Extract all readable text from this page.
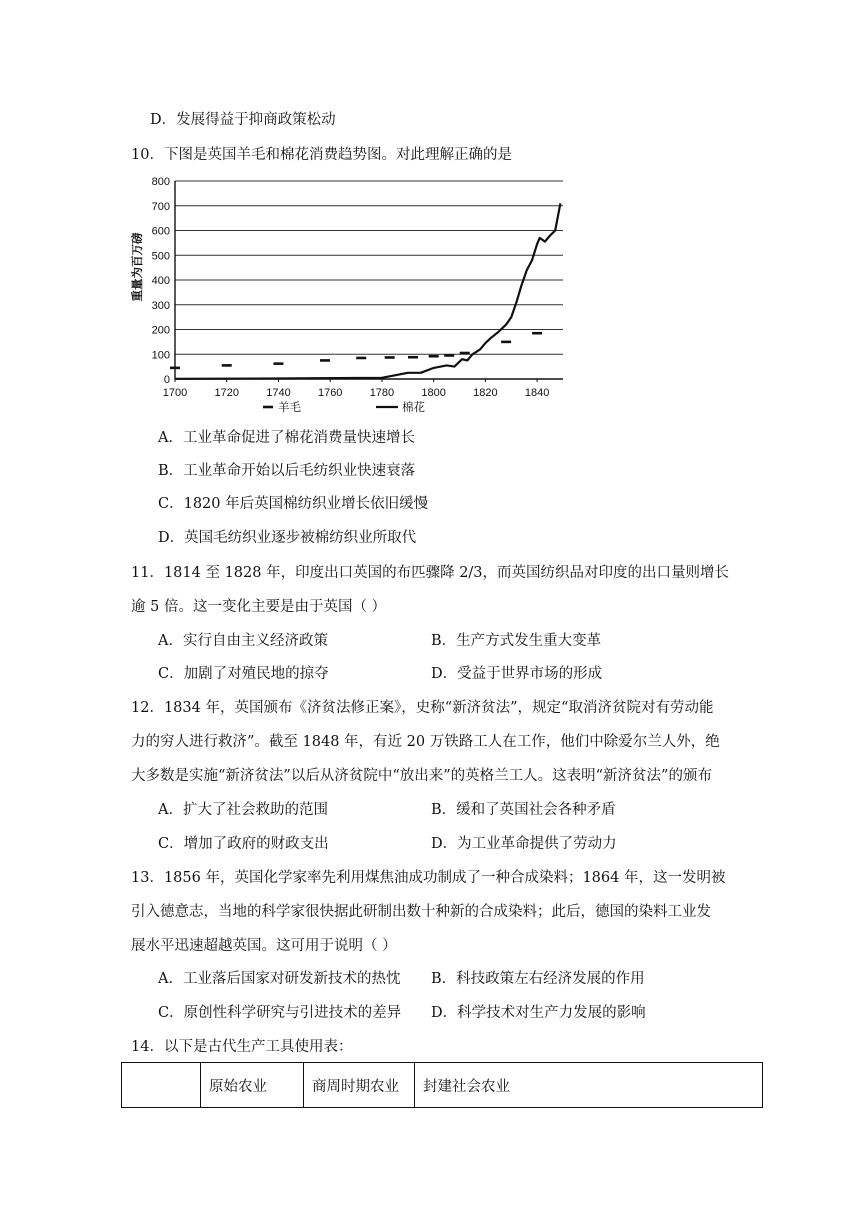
D．发展得益于抑商政策松动
10．下图是英国羊毛和棉花消费趋势图。对此理解正确的是
0
100
200
300
400
500
600
700
800
1700 1720 1740 1760 1780 1800 1820 1840
重量为百万磅
羊毛	棉花
A．工业革命促进了棉花消费量快速增长
B．工业革命开始以后毛纺织业快速衰落
C．1820 年后英国棉纺织业增长依旧缓慢
D．英国毛纺织业逐步被棉纺织业所取代
11．1814 至 1828 年，印度出口英国的布匹骤降 2/3，而英国纺织品对印度的出口量则增长
逾 5 倍。这一变化主要是由于英国（ ）
A．实行自由主义经济政策	B．生产方式发生重大变革
C．加剧了对殖民地的掠夺	D．受益于世界市场的形成
12．1834 年，英国颁布《济贫法修正案》，史称“新济贫法”，规定“取消济贫院对有劳动能
力的穷人进行救济”。截至 1848 年，有近 20 万铁路工人在工作，他们中除爱尔兰人外，绝
大多数是实施“新济贫法”以后从济贫院中“放出来”的英格兰工人。这表明“新济贫法”的颁布
A．扩大了社会救助的范围	B．缓和了英国社会各种矛盾
C．增加了政府的财政支出	D．为工业革命提供了劳动力
13．1856 年，英国化学家率先利用煤焦油成功制成了一种合成染料；1864 年，这一发明被
引入德意志，当地的科学家很快据此研制出数十种新的合成染料；此后，德国的染料工业发
展水平迅速超越英国。这可用于说明（ ）
A．工业落后国家对研发新技术的热忱 B．科技政策左右经济发展的作用
C．原创性科学研究与引进技术的差异 D．科学技术对生产力发展的影响
14．以下是古代生产工具使用表：
	原始农业	商周时期农业	封建社会农业
